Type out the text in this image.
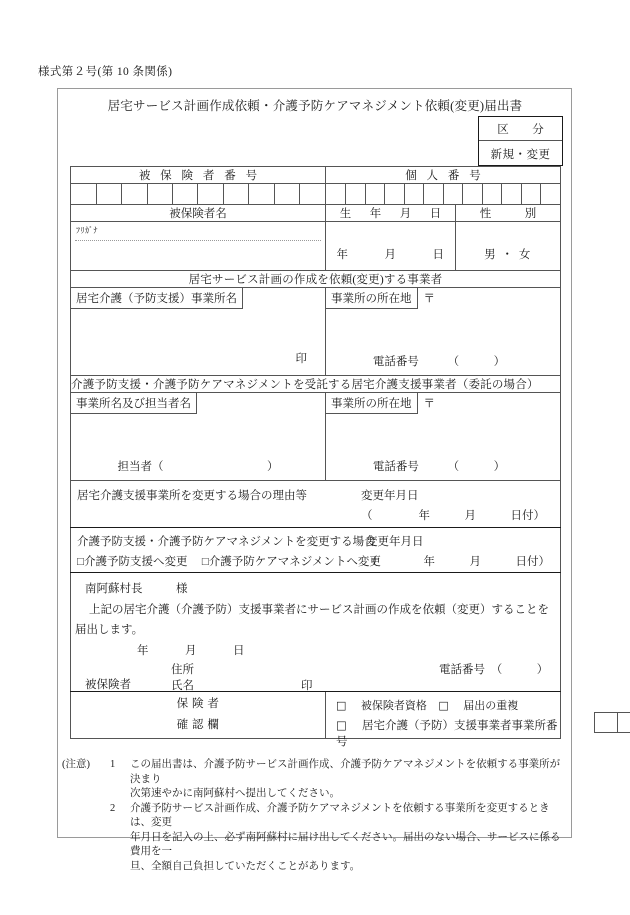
様式第２号(第 10 条関係)
居宅サービス計画作成依頼・介護予防ケアマネジメント依頼(変更)届出書
区　分
新規・変更
被 保 険 者 番 号	個 人 番 号

被保険者名	生　年　月　日	性　　別

ﾌﾘｶﾞﾅ

年　　　月　　　日	男 ・ 女

居宅サービス計画の作成を依頼(変更)する事業者
居宅介護（予防支援）事業所名	事業所の所在地 〒

印	電話番号　　　（　　　）

介護予防支援・介護予防ケアマネジメントを受託する居宅介護支援事業者（委託の場合）
事業所名及び担当者名	事業所の所在地 〒

担当者（　　　　　　　　　）	電話番号　　　（　　　）

居宅介護支援事業所を変更する場合の理由等	変更年月日
（　　　　年　　　月　　　日付）

介護予防支援・介護予防ケアマネジメントを変更する場合
□介護予防支援へ変更 □介護予防ケアマネジメントへ変更
変更年月日
（　　　　年　　　月　　　日付）

南阿蘇村長	様
上記の居宅介護（介護予防）支援事業者にサービス計画の作成を依頼（変更）することを
届出します。
年　　　月　　　日
住所
被保険者	氏名	印
電話番号　（　　　）

保 険 者
確 認 欄

□　 被保険者資格 □　 届出の重複
□　 居宅介護（予防）支援事業者事業所番号
(注意)	1	この届出書は、介護予防サービス計画作成、介護予防ケアマネジメントを依頼する事業所が決まり
次第速やかに南阿蘇村へ提出してください。
2	介護予防サービス計画作成、介護予防ケアマネジメントを依頼する事業所を変更するときは、変更
年月日を記入の上、必ず南阿蘇村に届け出してください。届出のない場合、サービスに係る費用を一
旦、全額自己負担していただくことがあります。
